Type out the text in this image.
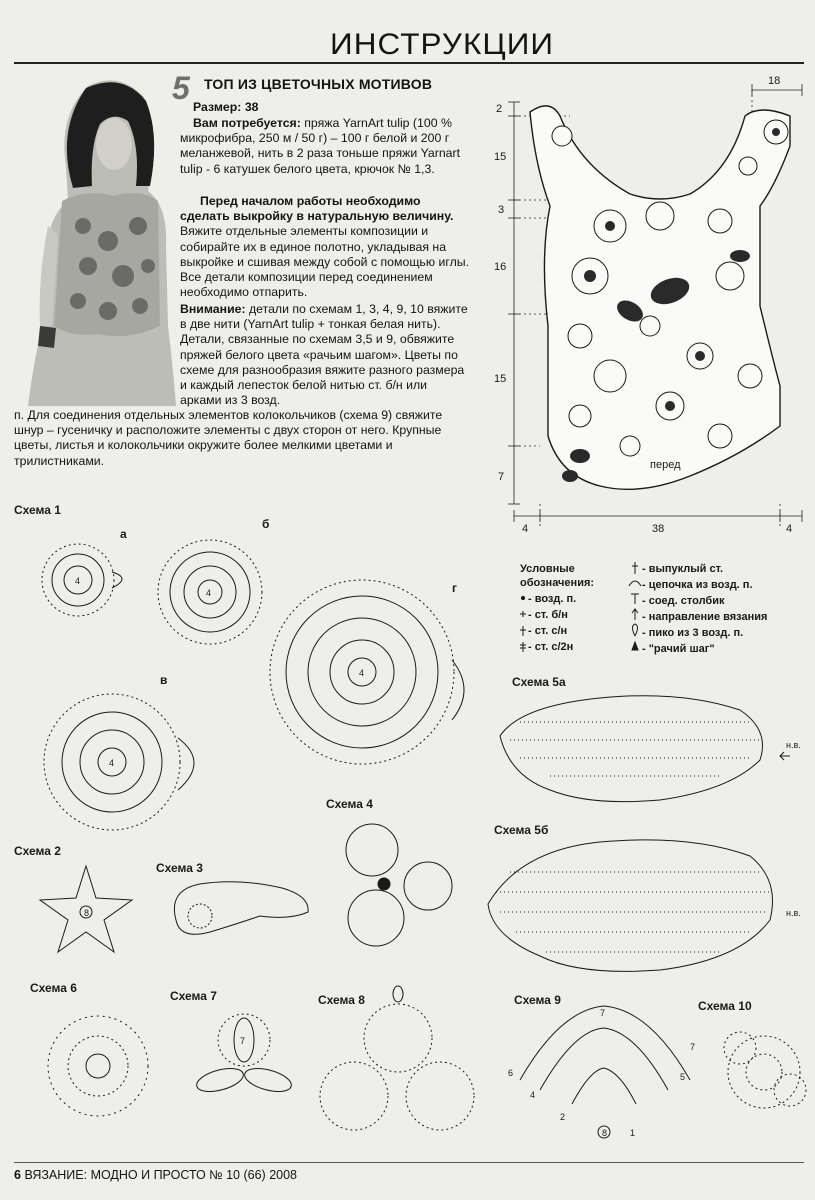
ИНСТРУКЦИИ
5 ТОП ИЗ ЦВЕТОЧНЫХ МОТИВОВ
Размер: 38
Вам потребуется: пряжа YarnArt tulip (100 % микрофибра, 250 м / 50 г) – 100 г белой и 200 г меланжевой, нить в 2 раза тоньше пряжи Yarnart tulip - 6 катушек белого цвета, крючок № 1,3.
Перед началом работы необходимо сделать выкройку в натуральную величину. Вяжите отдельные элементы композиции и собирайте их в единое полотно, укладывая на выкройке и сшивая между собой с помощью иглы. Все детали композиции перед соединением необходимо отпарить.
Внимание: детали по схемам 1, 3, 4, 9, 10 вяжите в две нити (YarnArt tulip + тонкая белая нить). Детали, связанные по схемам 3,5 и 9, обвяжите пряжей белого цвета «рачьим шагом». Цветы по схеме для разнообразия вяжите разного размера и каждый лепесток белой нитью ст. б/н или арками из 3 возд.
п. Для соединения отдельных элементов колокольчиков (схема 9) свяжите шнур – гусеничку и расположите элементы с двух сторон от него. Крупные цветы, листья и колокольчики окружите более мелкими цветами и трилистниками.
18
2
15
3
16
15
7
4	38	4
перед
Условные
обозначения:
- возд. п.
- ст. б/н
- ст. с/н
- ст. с/2н
- выпуклый ст.
- цепочка из возд. п.
- соед. столбик
- направление вязания
- пико из 3 возд. п.
- "рачий шаг"
Схема 1
а
б
в
г
Схема 2
Схема 3
Схема 4
Схема 5а
Схема 5б
Схема 6
Схема 7	Схема 8	Схема 9	Схема 10
н.в.
н.в.
4
4
4
4
8
7
8
7
6
4
2
5
7
1
6 ВЯЗАНИЕ: МОДНО И ПРОСТО № 10 (66) 2008
